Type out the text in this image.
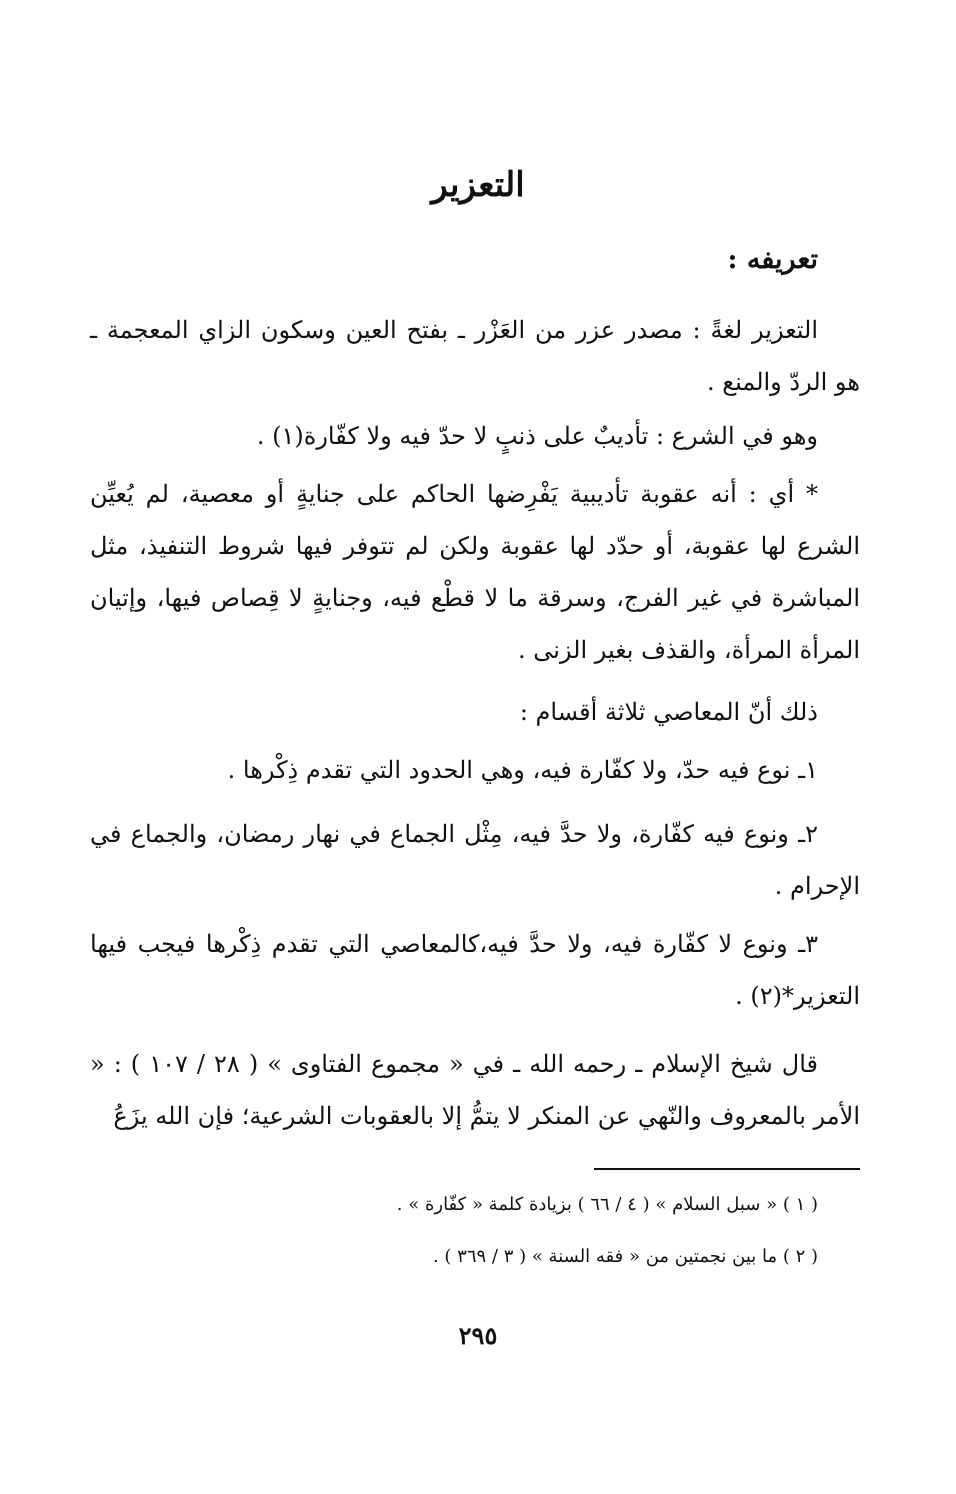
التعزير
تعريفه :

التعزير لغةً : مصدر عزر من العَزْر ـ بفتح العين وسكون الزاي المعجمة ـ هو الردّ والمنع .

وهو في الشرع : تأديبٌ على ذنبٍ لا حدّ فيه ولا كفّارة(١) .

* أي : أنه عقوبة تأديبية يَفْرِضها الحاكم على جنايةٍ أو معصية، لم يُعيِّن الشرع لها عقوبة، أو حدّد لها عقوبة ولكن لم تتوفر فيها شروط التنفيذ، مثل المباشرة في غير الفرج، وسرقة ما لا قطْع فيه، وجنايةٍ لا قِصاص فيها، وإتيان المرأة المرأة، والقذف بغير الزنى .

ذلك أنّ المعاصي ثلاثة أقسام :

١ـ نوع فيه حدّ، ولا كفّارة فيه، وهي الحدود التي تقدم ذِكْرها .

٢ـ ونوع فيه كفّارة، ولا حدَّ فيه، مِثْل الجماع في نهار رمضان، والجماع في الإحرام .

٣ـ ونوع لا كفّارة فيه، ولا حدَّ فيه،كالمعاصي التي تقدم ذِكْرها فيجب فيها التعزير*(٢) .

قال شيخ الإسلام ـ رحمه الله ـ في « مجموع الفتاوى » ( ٢٨ / ١٠٧ ) : « الأمر بالمعروف والنّهي عن المنكر لا يتمُّ إلا بالعقوبات الشرعية؛ فإن الله يزَعُ

( ١ ) « سبل السلام » ( ٤ / ٦٦ ) بزيادة كلمة « كفّارة » .

( ٢ ) ما بين نجمتين من « فقه السنة » ( ٣ / ٣٦٩ ) .

٢٩٥
